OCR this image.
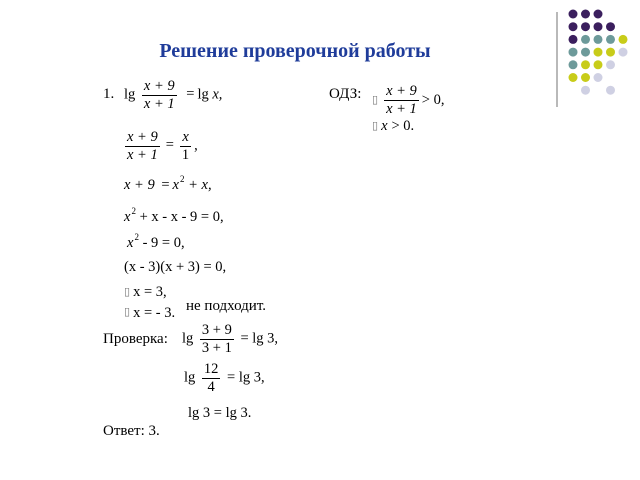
Решение проверочной работы
1. $\lg \frac{x + 9}{x + 1} = \lg x$,	ОДЗ: ▯ $\frac{x + 9}{x + 1} > 0$,
▯ x > 0.
$\frac{x + 9}{x + 1} = \frac{x}{1}$ ,
$x + 9 = x^2 + x$,
$x^2 + x - x - 9 = 0$,
$x^2 - 9 = 0$,
(x - 3)(x + 3) = 0,
▯ x = 3,
▯ x = - 3. не подходит.
Проверка: $\lg \frac{3 + 9}{3 + 1} = \lg 3$,
$\lg \frac{12}{4} = \lg 3$,
lg 3 = lg 3.
Ответ: 3.
